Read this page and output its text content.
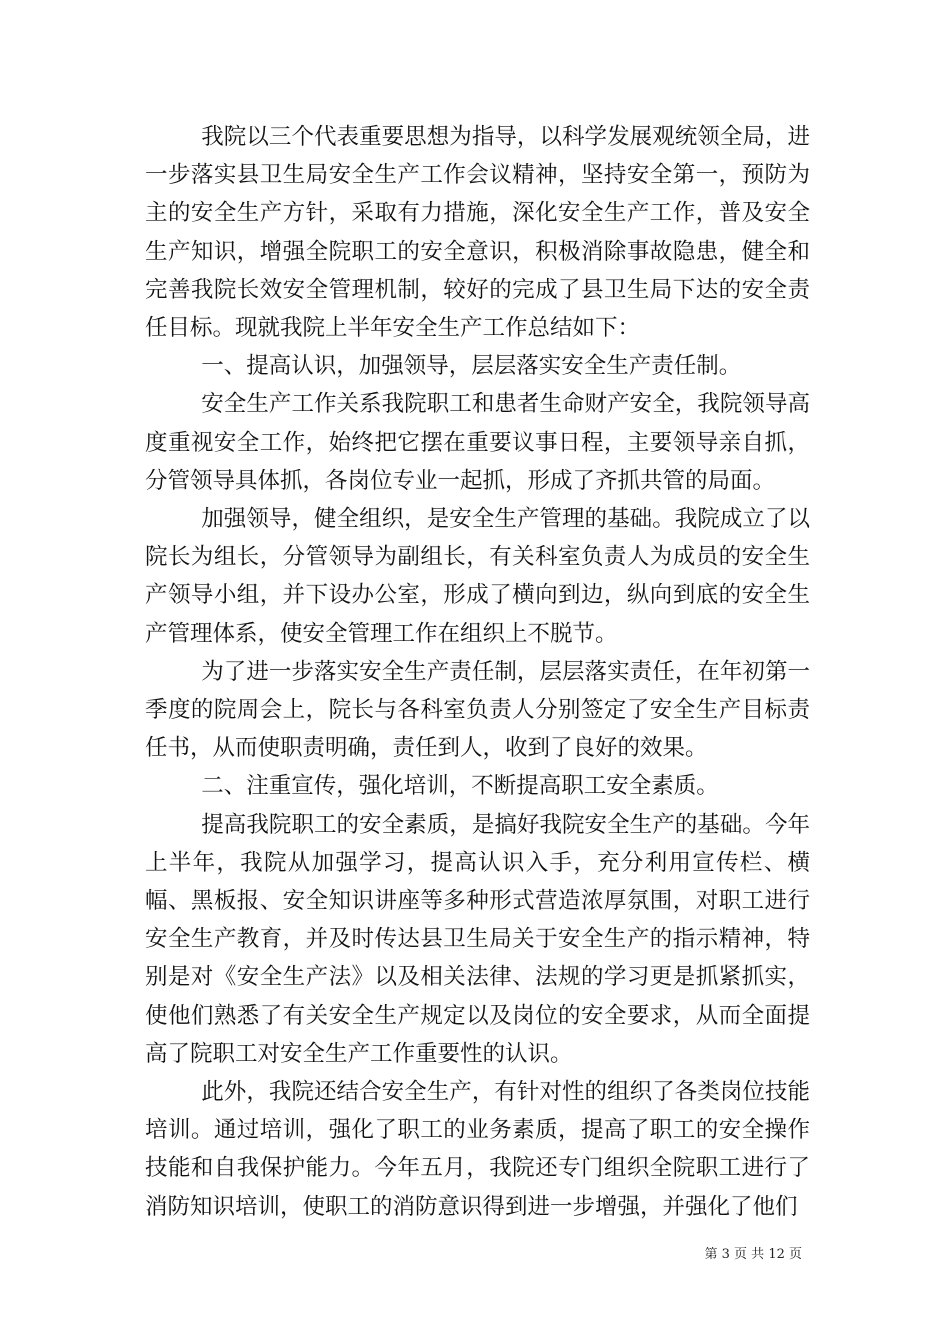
我院以三个代表重要思想为指导，以科学发展观统领全局，进一步落实县卫生局安全生产工作会议精神，坚持安全第一，预防为主的安全生产方针，采取有力措施，深化安全生产工作，普及安全生产知识，增强全院职工的安全意识，积极消除事故隐患，健全和完善我院长效安全管理机制，较好的完成了县卫生局下达的安全责任目标。现就我院上半年安全生产工作总结如下：

一、提高认识，加强领导，层层落实安全生产责任制。

安全生产工作关系我院职工和患者生命财产安全，我院领导高度重视安全工作，始终把它摆在重要议事日程，主要领导亲自抓，分管领导具体抓，各岗位专业一起抓，形成了齐抓共管的局面。

加强领导，健全组织，是安全生产管理的基础。我院成立了以院长为组长，分管领导为副组长，有关科室负责人为成员的安全生产领导小组，并下设办公室，形成了横向到边，纵向到底的安全生产管理体系，使安全管理工作在组织上不脱节。

为了进一步落实安全生产责任制，层层落实责任，在年初第一季度的院周会上，院长与各科室负责人分别签定了安全生产目标责任书，从而使职责明确，责任到人，收到了良好的效果。

二、注重宣传，强化培训，不断提高职工安全素质。

提高我院职工的安全素质，是搞好我院安全生产的基础。今年上半年，我院从加强学习，提高认识入手，充分利用宣传栏、横幅、黑板报、安全知识讲座等多种形式营造浓厚氛围，对职工进行安全生产教育，并及时传达县卫生局关于安全生产的指示精神，特别是对《安全生产法》以及相关法律、法规的学习更是抓紧抓实，使他们熟悉了有关安全生产规定以及岗位的安全要求，从而全面提高了院职工对安全生产工作重要性的认识。

此外，我院还结合安全生产，有针对性的组织了各类岗位技能培训。通过培训，强化了职工的业务素质，提高了职工的安全操作技能和自我保护能力。今年五月，我院还专门组织全院职工进行了消防知识培训，使职工的消防意识得到进一步增强，并强化了他们

第 3 页 共 12 页
